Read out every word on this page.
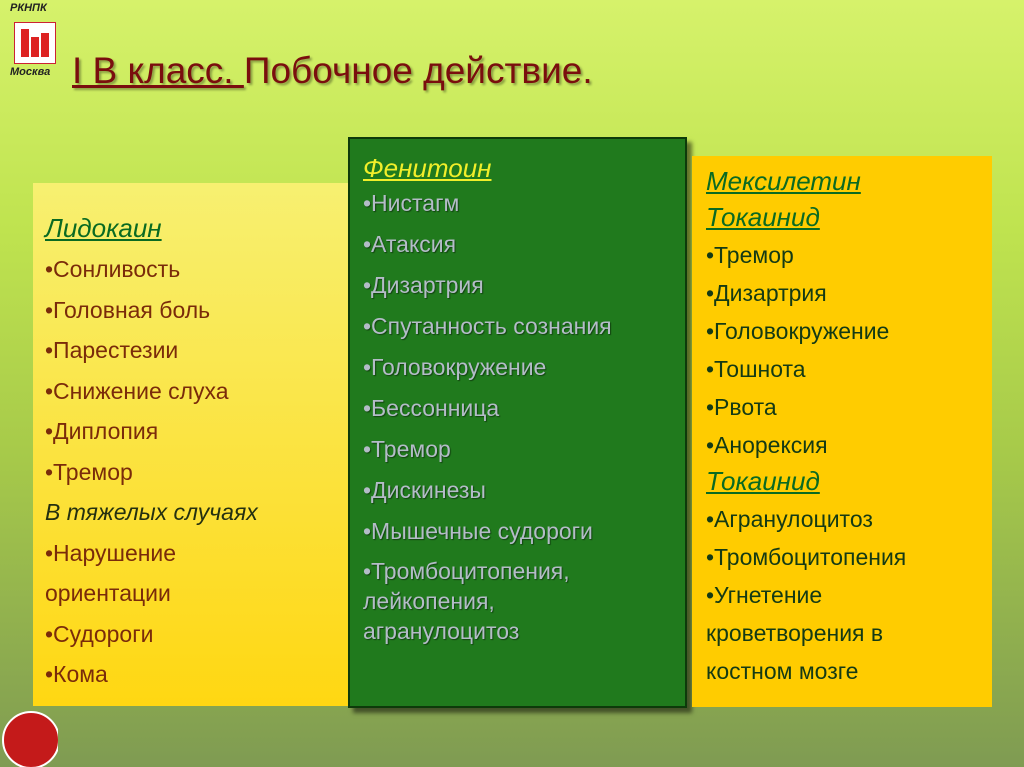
РКНПК
Москва I В класс. Побочное действие.
Лидокаин
•Сонливость
•Головная боль
•Парестезии
•Снижение слуха
•Диплопия
•Тремор
В тяжелых случаях
•Нарушение
ориентации
•Судороги
•Кома
Фенитоин
•Нистагм
•Атаксия
•Дизартрия
•Спутанность сознания
•Головокружение
•Бессонница
•Тремор
•Дискинезы
•Мышечные судороги
•Тромбоцитопения,
лейкопения,
агранулоцитоз
Мексилетин
Токаинид
•Тремор
•Дизартрия
•Головокружение
•Тошнота
•Рвота
•Анорексия
Токаинид
•Агранулоцитоз
•Тромбоцитопения
•Угнетение
кроветворения в
костном мозге
